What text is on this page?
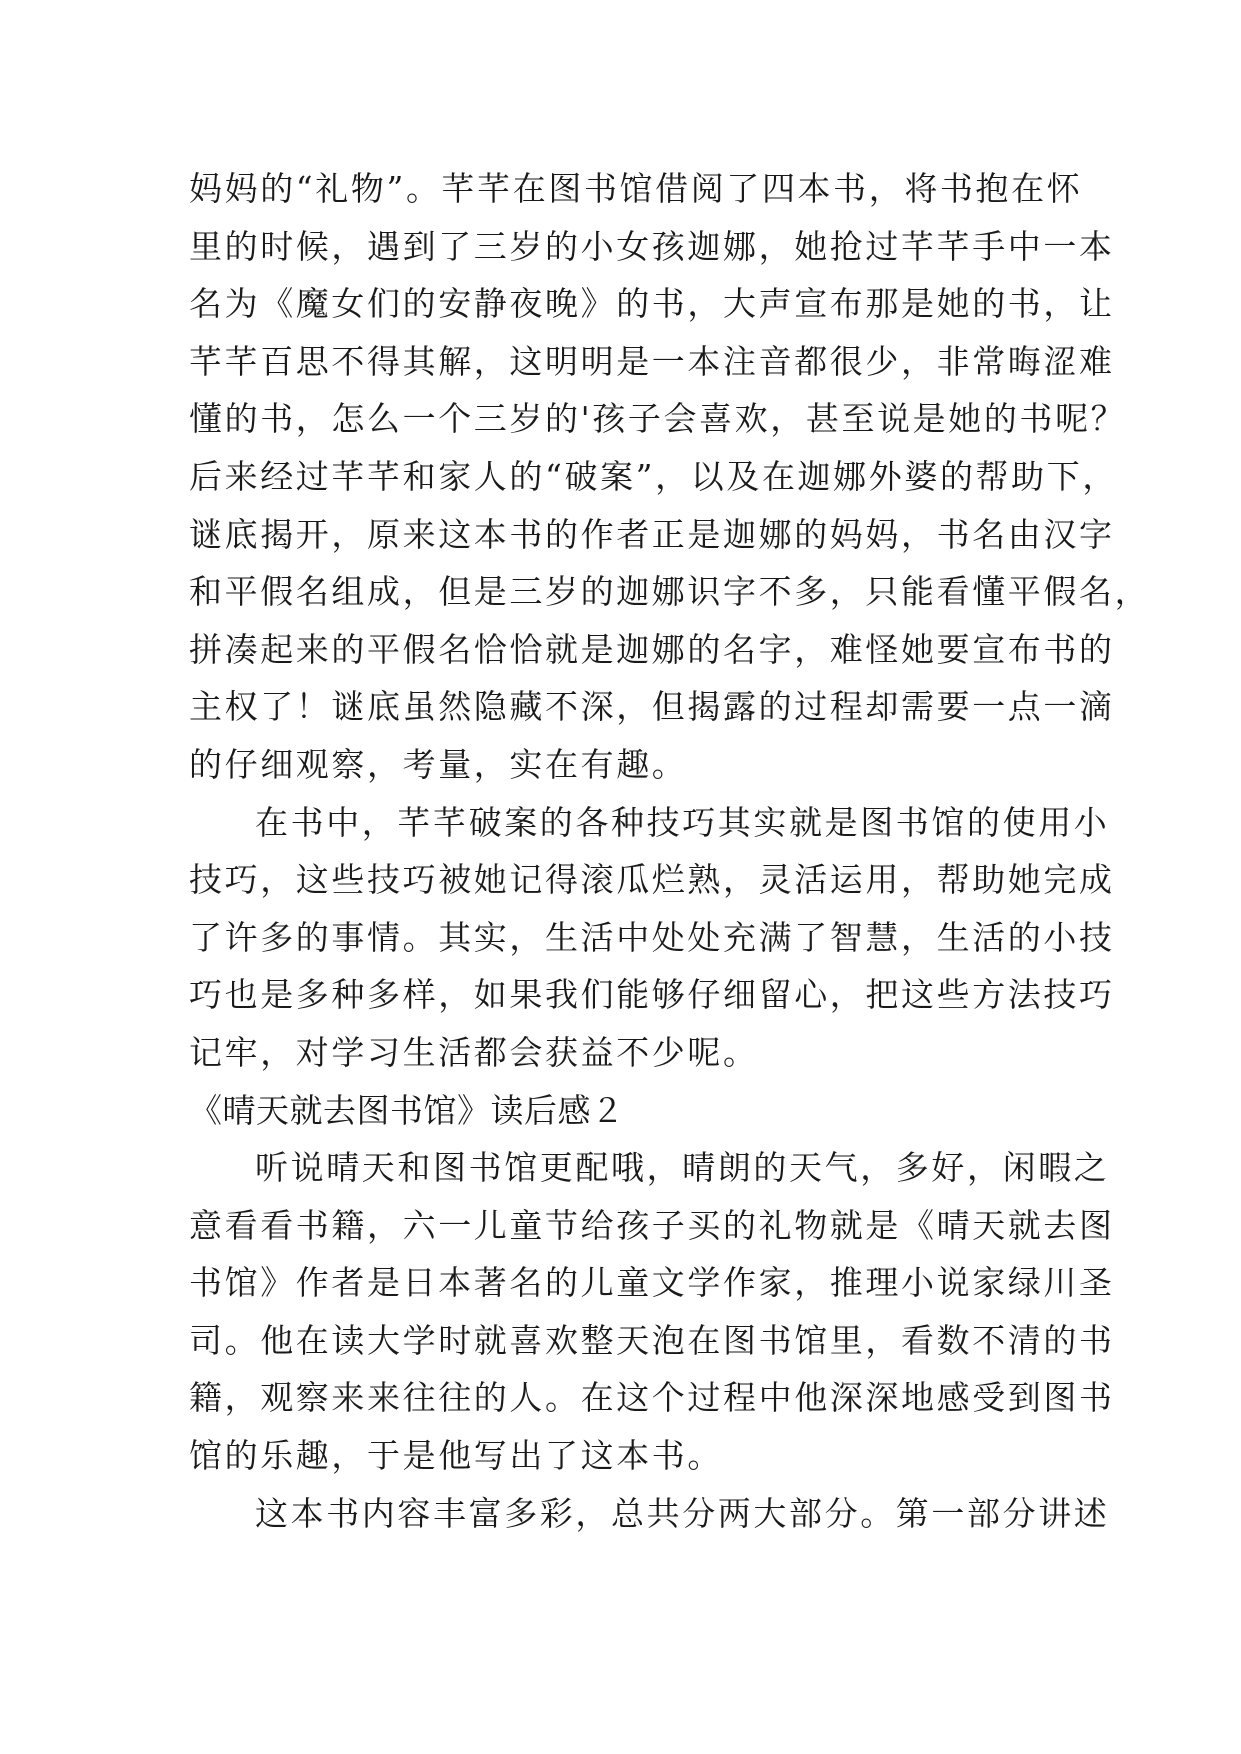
妈妈的“礼物”。芊芊在图书馆借阅了四本书，将书抱在怀
里的时候，遇到了三岁的小女孩迦娜，她抢过芊芊手中一本
名为《魔女们的安静夜晚》的书，大声宣布那是她的书，让
芊芊百思不得其解，这明明是一本注音都很少，非常晦涩难
懂的书，怎么一个三岁的'孩子会喜欢，甚至说是她的书呢？
后来经过芊芊和家人的“破案”，以及在迦娜外婆的帮助下，
谜底揭开，原来这本书的作者正是迦娜的妈妈，书名由汉字
和平假名组成，但是三岁的迦娜识字不多，只能看懂平假名，
拼凑起来的平假名恰恰就是迦娜的名字，难怪她要宣布书的
主权了！谜底虽然隐藏不深，但揭露的过程却需要一点一滴
的仔细观察，考量，实在有趣。
在书中，芊芊破案的各种技巧其实就是图书馆的使用小
技巧，这些技巧被她记得滚瓜烂熟，灵活运用，帮助她完成
了许多的事情。其实，生活中处处充满了智慧，生活的小技
巧也是多种多样，如果我们能够仔细留心，把这些方法技巧
记牢，对学习生活都会获益不少呢。
《晴天就去图书馆》读后感２
听说晴天和图书馆更配哦，晴朗的天气，多好，闲暇之
意看看书籍，六一儿童节给孩子买的礼物就是《晴天就去图
书馆》作者是日本著名的儿童文学作家，推理小说家绿川圣
司。他在读大学时就喜欢整天泡在图书馆里，看数不清的书
籍，观察来来往往的人。在这个过程中他深深地感受到图书
馆的乐趣，于是他写出了这本书。
这本书内容丰富多彩，总共分两大部分。第一部分讲述
